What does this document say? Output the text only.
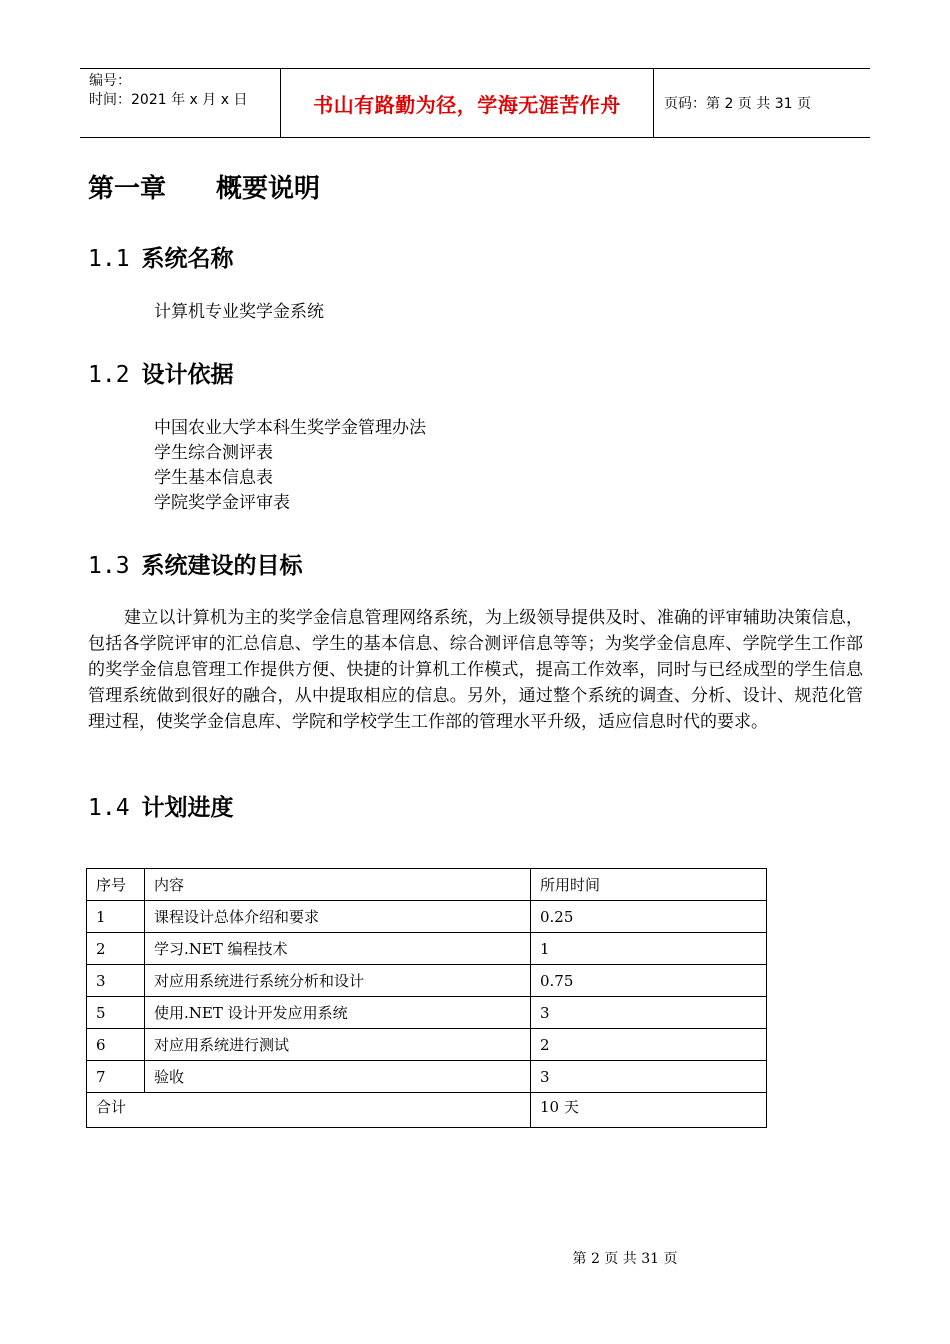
编号：
时间：2021 年 x 月 x 日	书山有路勤为径，学海无涯苦作舟	页码：第 2 页 共 31 页
第一章 概要说明
1.1 系统名称
计算机专业奖学金系统
1.2 设计依据
中国农业大学本科生奖学金管理办法
学生综合测评表
学生基本信息表
学院奖学金评审表
1.3 系统建设的目标
建立以计算机为主的奖学金信息管理网络系统，为上级领导提供及时、准确的评审辅助决策信息，包括各学院评审的汇总信息、学生的基本信息、综合测评信息等等；为奖学金信息库、学院学生工作部的奖学金信息管理工作提供方便、快捷的计算机工作模式，提高工作效率，同时与已经成型的学生信息管理系统做到很好的融合，从中提取相应的信息。另外，通过整个系统的调查、分析、设计、规范化管理过程，使奖学金信息库、学院和学校学生工作部的管理水平升级，适应信息时代的要求。
1.4 计划进度
序号	内容	所用时间
1	课程设计总体介绍和要求	0.25
2	学习.NET 编程技术	1
3	对应用系统进行系统分析和设计	0.75
5	使用.NET 设计开发应用系统	3
6	对应用系统进行测试	2
7	验收	3
合计		10 天
第 2 页 共 31 页
